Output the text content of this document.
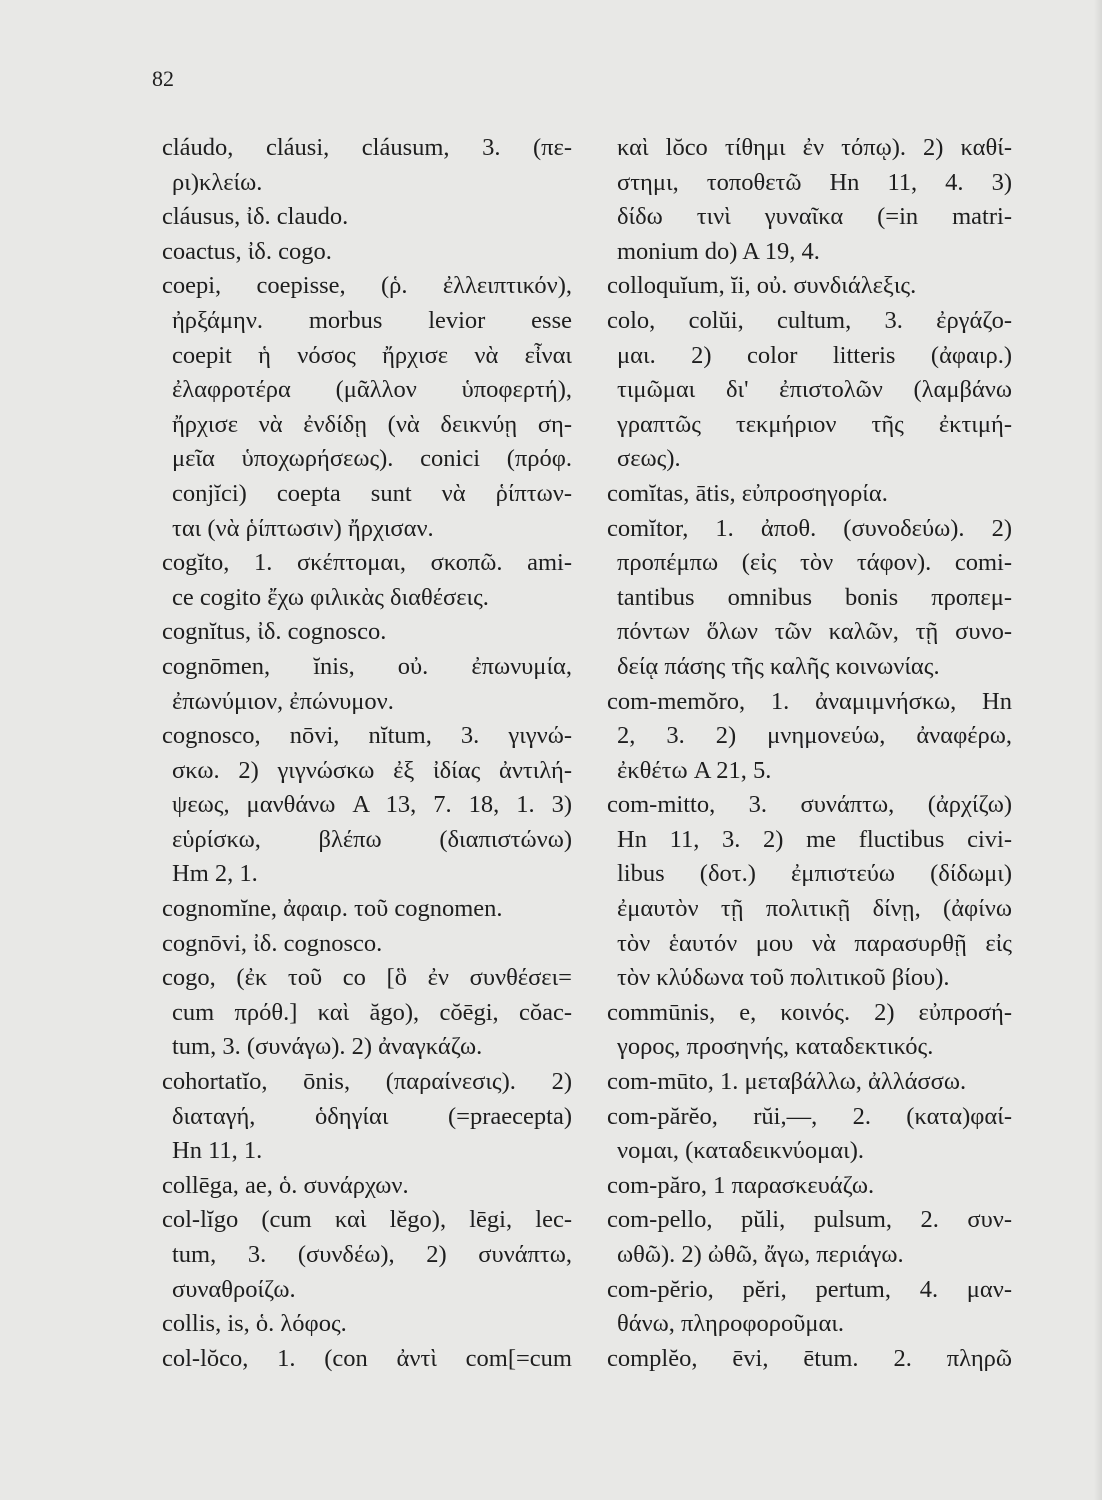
82
cláudo, cláusi, cláusum, 3. (πε-
ρι)κλείω.
cláusus, ἰδ. claudo.
coactus, ἰδ. cogo.
coepi, coepisse, (ῥ. ἐλλειπτικόν),
ἠρξάμην. morbus levior esse
coepit ἡ νόσος ἤρχισε νὰ εἶναι
ἐλαφροτέρα (μᾶλλον ὑποφερτή),
ἤρχισε νὰ ἐνδίδῃ (νὰ δεικνύῃ ση-
μεῖα ὑποχωρήσεως). conici (πρόφ.
conjĭci) coepta sunt νὰ ῥίπτων-
ται (νὰ ῥίπτωσιν) ἤρχισαν.
cogĭto, 1. σκέπτομαι, σκοπῶ. ami-
ce cogito ἔχω φιλικὰς διαθέσεις.
cognĭtus, ἰδ. cognosco.
cognōmen, ĭnis, οὐ. ἐπωνυμία,
ἐπωνύμιον, ἐπώνυμον.
cognosco, nōvi, nĭtum, 3. γιγνώ-
σκω. 2) γιγνώσκω ἐξ ἰδίας ἀντιλή-
ψεως, μανθάνω A 13, 7. 18, 1. 3)
εὑρίσκω, βλέπω (διαπιστώνω)
Hm 2, 1.
cognomĭne, ἀφαιρ. τοῦ cognomen.
cognōvi, ἰδ. cognosco.
cogo, (ἐκ τοῦ co [ὃ ἐν συνθέσει=
cum πρόθ.] καὶ ăgo), cŏēgi, cŏac-
tum, 3. (συνάγω). 2) ἀναγκάζω.
cohortatĭo, ōnis, (παραίνεσις). 2)
διαταγή, ὁδηγίαι (=praecepta)
Hn 11, 1.
collēga, ae, ὁ. συνάρχων.
col-lĭgo (cum καὶ lĕgo), lēgi, lec-
tum, 3. (συνδέω), 2) συνάπτω,
συναθροίζω.
collis, is, ὁ. λόφος.
col-lŏco, 1. (con ἀντὶ com[=cum
καὶ lŏco τίθημι ἐν τόπῳ). 2) καθί-
στημι, τοποθετῶ Hn 11, 4. 3)
δίδω τινὶ γυναῖκα (=in matri-
monium do) A 19, 4.
colloquĭum, ĭi, οὐ. συνδιάλεξις.
colo, colŭi, cultum, 3. ἐργάζο-
μαι. 2) color litteris (ἀφαιρ.)
τιμῶμαι δι' ἐπιστολῶν (λαμβάνω
γραπτῶς τεκμήριον τῆς ἐκτιμή-
σεως).
comĭtas, ātis, εὐπροσηγορία.
comĭtor, 1. ἀποθ. (συνοδεύω). 2)
προπέμπω (εἰς τὸν τάφον). comi-
tantibus omnibus bonis προπεμ-
πόντων ὅλων τῶν καλῶν, τῇ συνο-
δείᾳ πάσης τῆς καλῆς κοινωνίας.
com-memŏro, 1. ἀναμιμνήσκω, Hn
2, 3. 2) μνημονεύω, ἀναφέρω,
ἐκθέτω A 21, 5.
com-mitto, 3. συνάπτω, (ἀρχίζω)
Hn 11, 3. 2) me fluctibus civi-
libus (δοτ.) ἐμπιστεύω (δίδωμι)
ἐμαυτὸν τῇ πολιτικῇ δίνῃ, (ἀφίνω
τὸν ἑαυτόν μου νὰ παρασυρθῇ εἰς
τὸν κλύδωνα τοῦ πολιτικοῦ βίου).
commūnis, e, κοινός. 2) εὐπροσή-
γορος, προσηνής, καταδεκτικός.
com-mūto, 1. μεταβάλλω, ἀλλάσσω.
com-părĕo, rŭi,—, 2. (κατα)φαί-
νομαι, (καταδεικνύομαι).
com-păro, 1 παρασκευάζω.
com-pello, pŭli, pulsum, 2. συν-
ωθῶ). 2) ὠθῶ, ἄγω, περιάγω.
com-pĕrio, pĕri, pertum, 4. μαν-
θάνω, πληροφοροῦμαι.
complĕo, ēvi, ētum. 2. πληρῶ
